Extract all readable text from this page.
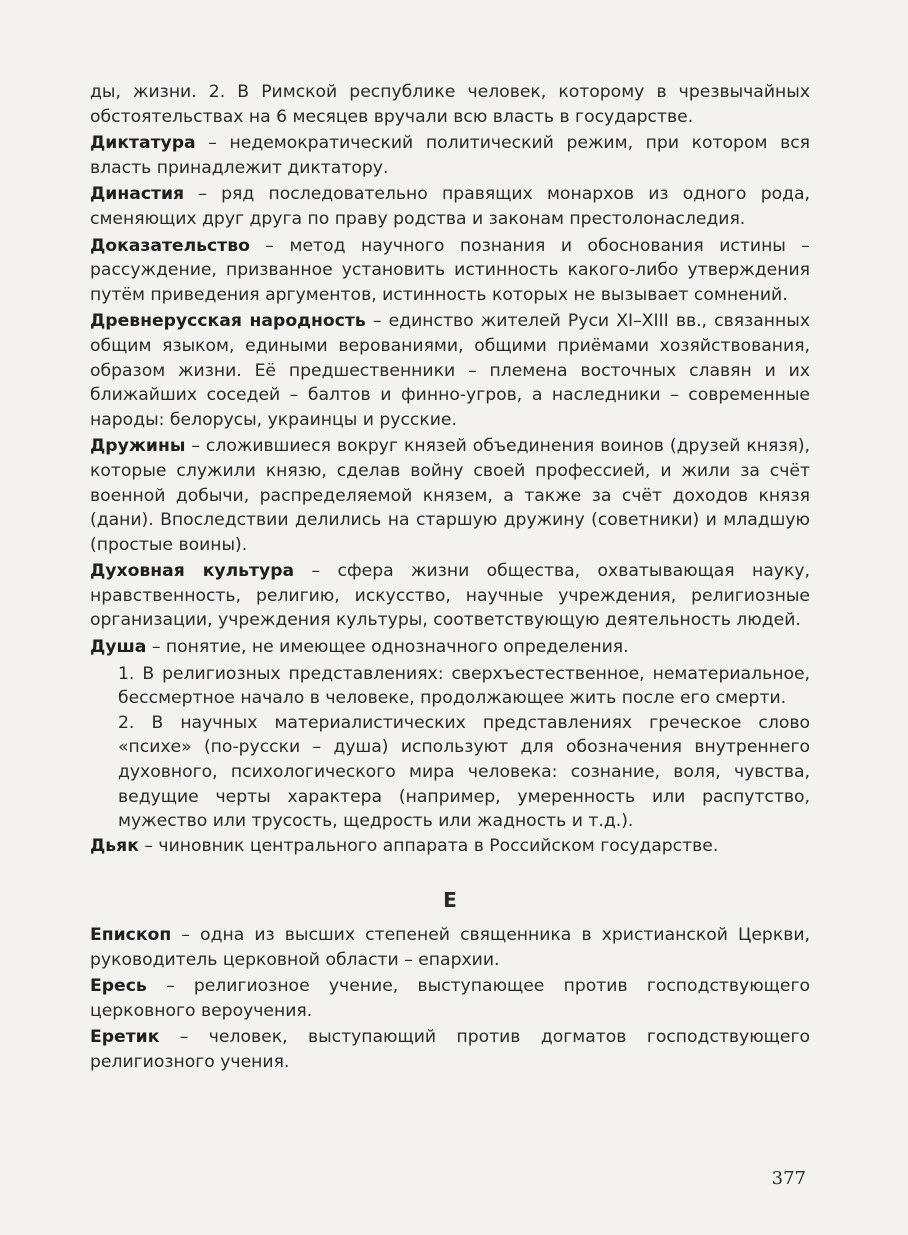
ды, жизни. 2. В Римской республике человек, которому в чрезвычайных обстоятельствах на 6 месяцев вручали всю власть в государстве.

Диктатура – недемократический политический режим, при котором вся власть принадлежит диктатору.

Династия – ряд последовательно правящих монархов из одного рода, сменяющих друг друга по праву родства и законам престолонаследия.

Доказательство – метод научного познания и обоснования истины – рассуждение, призванное установить истинность какого-либо утверждения путём приведения аргументов, истинность которых не вызывает сомнений.

Древнерусская народность – единство жителей Руси XI–XIII вв., связанных общим языком, едиными верованиями, общими приёмами хозяйствования, образом жизни. Её предшественники – племена восточных славян и их ближайших соседей – балтов и финно-угров, а наследники – современные народы: белорусы, украинцы и русские.

Дружины – сложившиеся вокруг князей объединения воинов (друзей князя), которые служили князю, сделав войну своей профессией, и жили за счёт военной добычи, распределяемой князем, а также за счёт доходов князя (дани). Впоследствии делились на старшую дружину (советники) и младшую (простые воины).

Духовная культура – сфера жизни общества, охватывающая науку, нравственность, религию, искусство, научные учреждения, религиозные организации, учреждения культуры, соответствующую деятельность людей.

Душа – понятие, не имеющее однозначного определения.

1. В религиозных представлениях: сверхъестественное, нематериальное, бессмертное начало в человеке, продолжающее жить после его смерти.

2. В научных материалистических представлениях греческое слово «психе» (по-русски – душа) используют для обозначения внутреннего духовного, психологического мира человека: сознание, воля, чувства, ведущие черты характера (например, умеренность или распутство, мужество или трусость, щедрость или жадность и т.д.).

Дьяк – чиновник центрального аппарата в Российском государстве.

Е

Епископ – одна из высших степеней священника в христианской Церкви, руководитель церковной области – епархии.

Ересь – религиозное учение, выступающее против господствующего церковного вероучения.

Еретик – человек, выступающий против догматов господствующего религиозного учения.

377
